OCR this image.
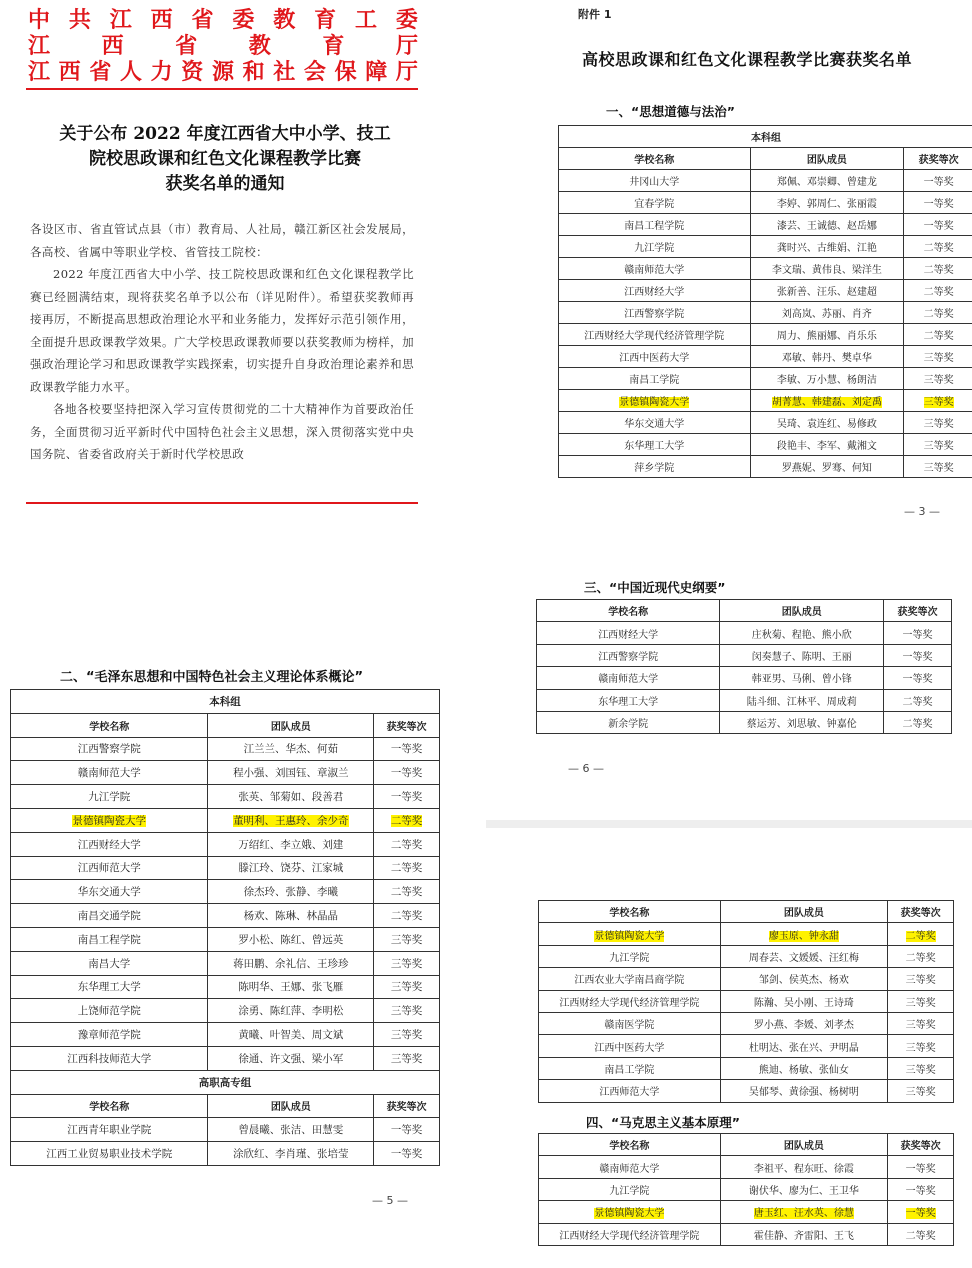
中 共 江 西 省 委 教 育 工 委
江 西 省 教 育 厅
江 西 省 人 力 资 源 和 社 会 保 障 厅
关于公布 2022 年度江西省大中小学、技工
院校思政课和红色文化课程教学比赛
获奖名单的通知

各设区市、省直管试点县（市）教育局、人社局，赣江新区社会发展局，各高校、省属中等职业学校、省管技工院校：

2022 年度江西省大中小学、技工院校思政课和红色文化课程教学比赛已经圆满结束，现将获奖名单予以公布（详见附件）。希望获奖教师再接再厉，不断提高思想政治理论水平和业务能力，发挥好示范引领作用，全面提升思政课教学效果。广大学校思政课教师要以获奖教师为榜样，加强政治理论学习和思政课教学实践探索，切实提升自身政治理论素养和思政课教学能力水平。

各地各校要坚持把深入学习宣传贯彻党的二十大精神作为首要政治任务，全面贯彻习近平新时代中国特色社会主义思想，深入贯彻落实党中央国务院、省委省政府关于新时代学校思政

附件 1
高校思政课和红色文化课程教学比赛获奖名单
一、“思想道德与法治”
本科组		
学校名称	团队成员	获奖等次
井冈山大学	郑佩、邓崇卿、曾建龙	一等奖
宜春学院	李婷、郭周仁、张丽霞	一等奖
南昌工程学院	漆芸、王诚德、赵岳娜	一等奖
九江学院	龚时兴、古维娟、江艳	二等奖
赣南师范大学	李文瑞、黄伟良、梁洋生	二等奖
江西财经大学	张新善、汪乐、赵建超	二等奖
江西警察学院	刘高岚、苏丽、肖齐	二等奖
江西财经大学现代经济管理学院	周力、熊丽娜、肖乐乐	二等奖
江西中医药大学	邓敏、韩丹、樊卓华	三等奖
南昌工学院	李敏、万小慧、杨朗洁	三等奖
景德镇陶瓷大学	胡菁慧、韩建磊、刘定禹	三等奖
华东交通大学	吴琦、袁连红、易修政	三等奖
东华理工大学	段艳丰、李军、戴湘文	三等奖
萍乡学院	罗燕妮、罗骞、何知	三等奖
— 3 —
二、“毛泽东思想和中国特色社会主义理论体系概论”
本科组		
学校名称	团队成员	获奖等次
江西警察学院	江兰兰、华杰、何茹	一等奖
赣南师范大学	程小强、刘国钰、章淑兰	一等奖
九江学院	张英、邹菊如、段善君	一等奖
景德镇陶瓷大学	董明利、王惠玲、余少奇	二等奖
江西财经大学	万绍红、李立娥、刘建	二等奖
江西师范大学	滕江玲、饶芬、江家城	二等奖
华东交通大学	徐杰玲、张静、李曦	二等奖
南昌交通学院	杨欢、陈琳、林晶晶	二等奖
南昌工程学院	罗小松、陈红、曾远英	三等奖
南昌大学	蒋田鹏、余礼信、王珍珍	三等奖
东华理工大学	陈明华、王娜、张飞雁	三等奖
上饶师范学院	涂勇、陈红萍、李明松	三等奖
豫章师范学院	黄曦、叶智美、周文斌	三等奖
江西科技师范大学	徐通、许文强、梁小军	三等奖
高职高专组		
学校名称	团队成员	获奖等次
江西青年职业学院	曾晨曦、张洁、田慧雯	一等奖
江西工业贸易职业技术学院	涂欣红、李肖瑾、张培莹	一等奖
— 5 —
三、“中国近现代史纲要”
学校名称	团队成员	获奖等次
江西财经大学	庄秋菊、程艳、熊小欣	一等奖
江西警察学院	闵奏慧子、陈明、王丽	一等奖
赣南师范大学	韩亚男、马俐、曾小锋	一等奖
东华理工大学	陆斗细、江林平、周成莉	二等奖
新余学院	蔡运芳、刘思敏、钟嘉伦	二等奖
— 6 —
学校名称	团队成员	获奖等次
景德镇陶瓷大学	廖玉原、钟永甜	二等奖
九江学院	周春芸、文媛媛、汪红梅	二等奖
江西农业大学南昌商学院	邹剑、侯英杰、杨欢	三等奖
江西财经大学现代经济管理学院	陈瀚、吴小刚、王诗琦	三等奖
赣南医学院	罗小燕、李媛、刘孝杰	三等奖
江西中医药大学	杜明达、张在兴、尹明晶	三等奖
南昌工学院	熊迪、杨敏、张仙女	三等奖
江西师范大学	吴郁琴、黄徐强、杨树明	三等奖
四、“马克思主义基本原理”
学校名称	团队成员	获奖等次
赣南师范大学	李祖平、程东旺、徐霞	一等奖
九江学院	谢伏华、廖为仁、王卫华	一等奖
景德镇陶瓷大学	唐玉红、汪水英、徐慧	一等奖
江西财经大学现代经济管理学院	霍佳静、齐雷阳、王飞	二等奖
